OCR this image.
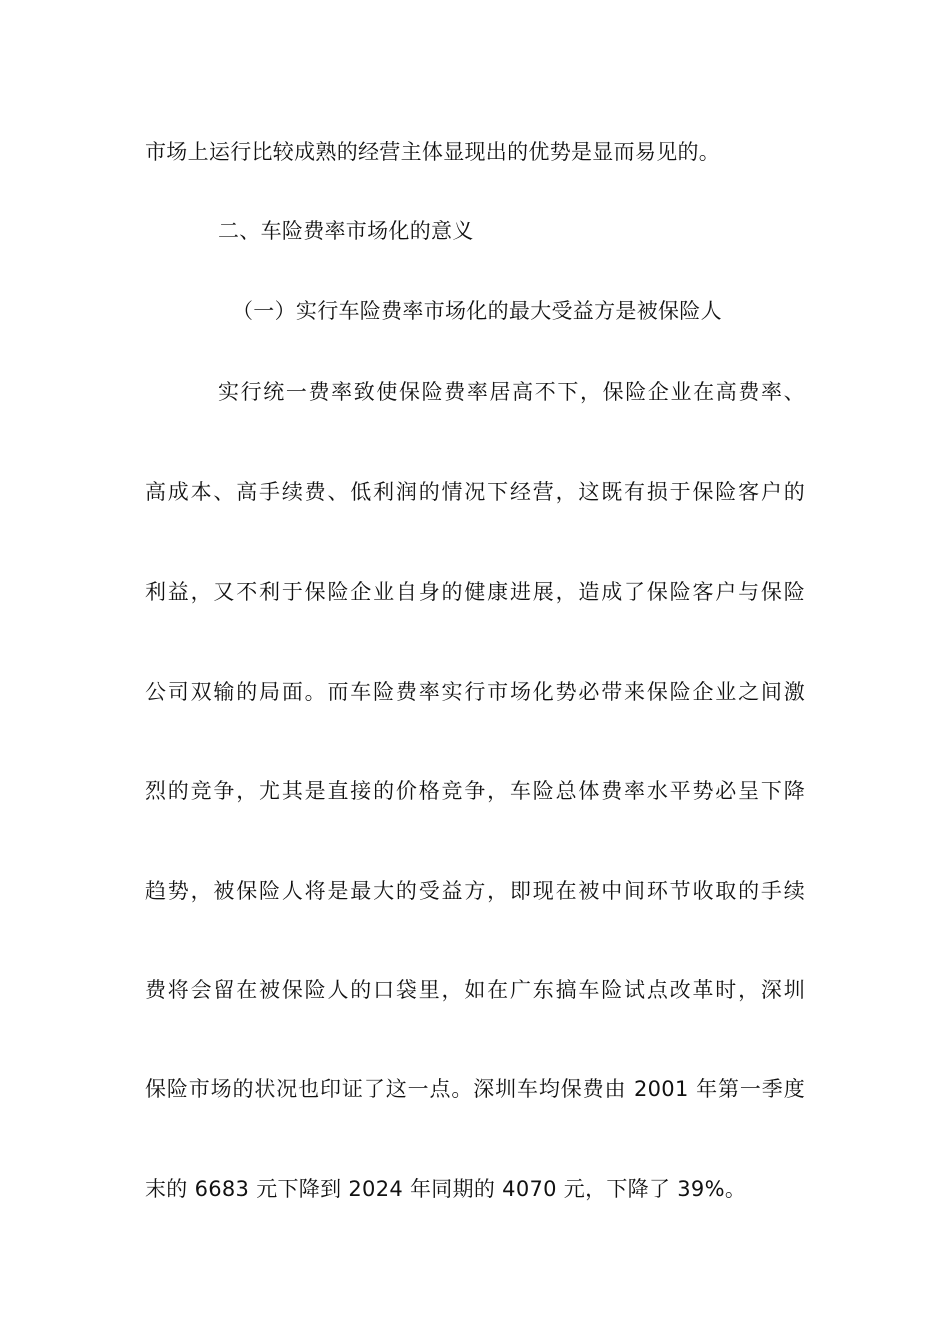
市场上运行比较成熟的经营主体显现出的优势是显而易见的。
二、车险费率市场化的意义
（一）实行车险费率市场化的最大受益方是被保险人
实行统一费率致使保险费率居高不下，保险企业在高费率、
高成本、高手续费、低利润的情况下经营，这既有损于保险客户的
利益，又不利于保险企业自身的健康进展，造成了保险客户与保险
公司双输的局面。而车险费率实行市场化势必带来保险企业之间激
烈的竞争，尤其是直接的价格竞争，车险总体费率水平势必呈下降
趋势，被保险人将是最大的受益方，即现在被中间环节收取的手续
费将会留在被保险人的口袋里，如在广东搞车险试点改革时，深圳
保险市场的状况也印证了这一点。深圳车均保费由 2001 年第一季度
末的 6683 元下降到 2024 年同期的 4070 元，下降了 39%。
